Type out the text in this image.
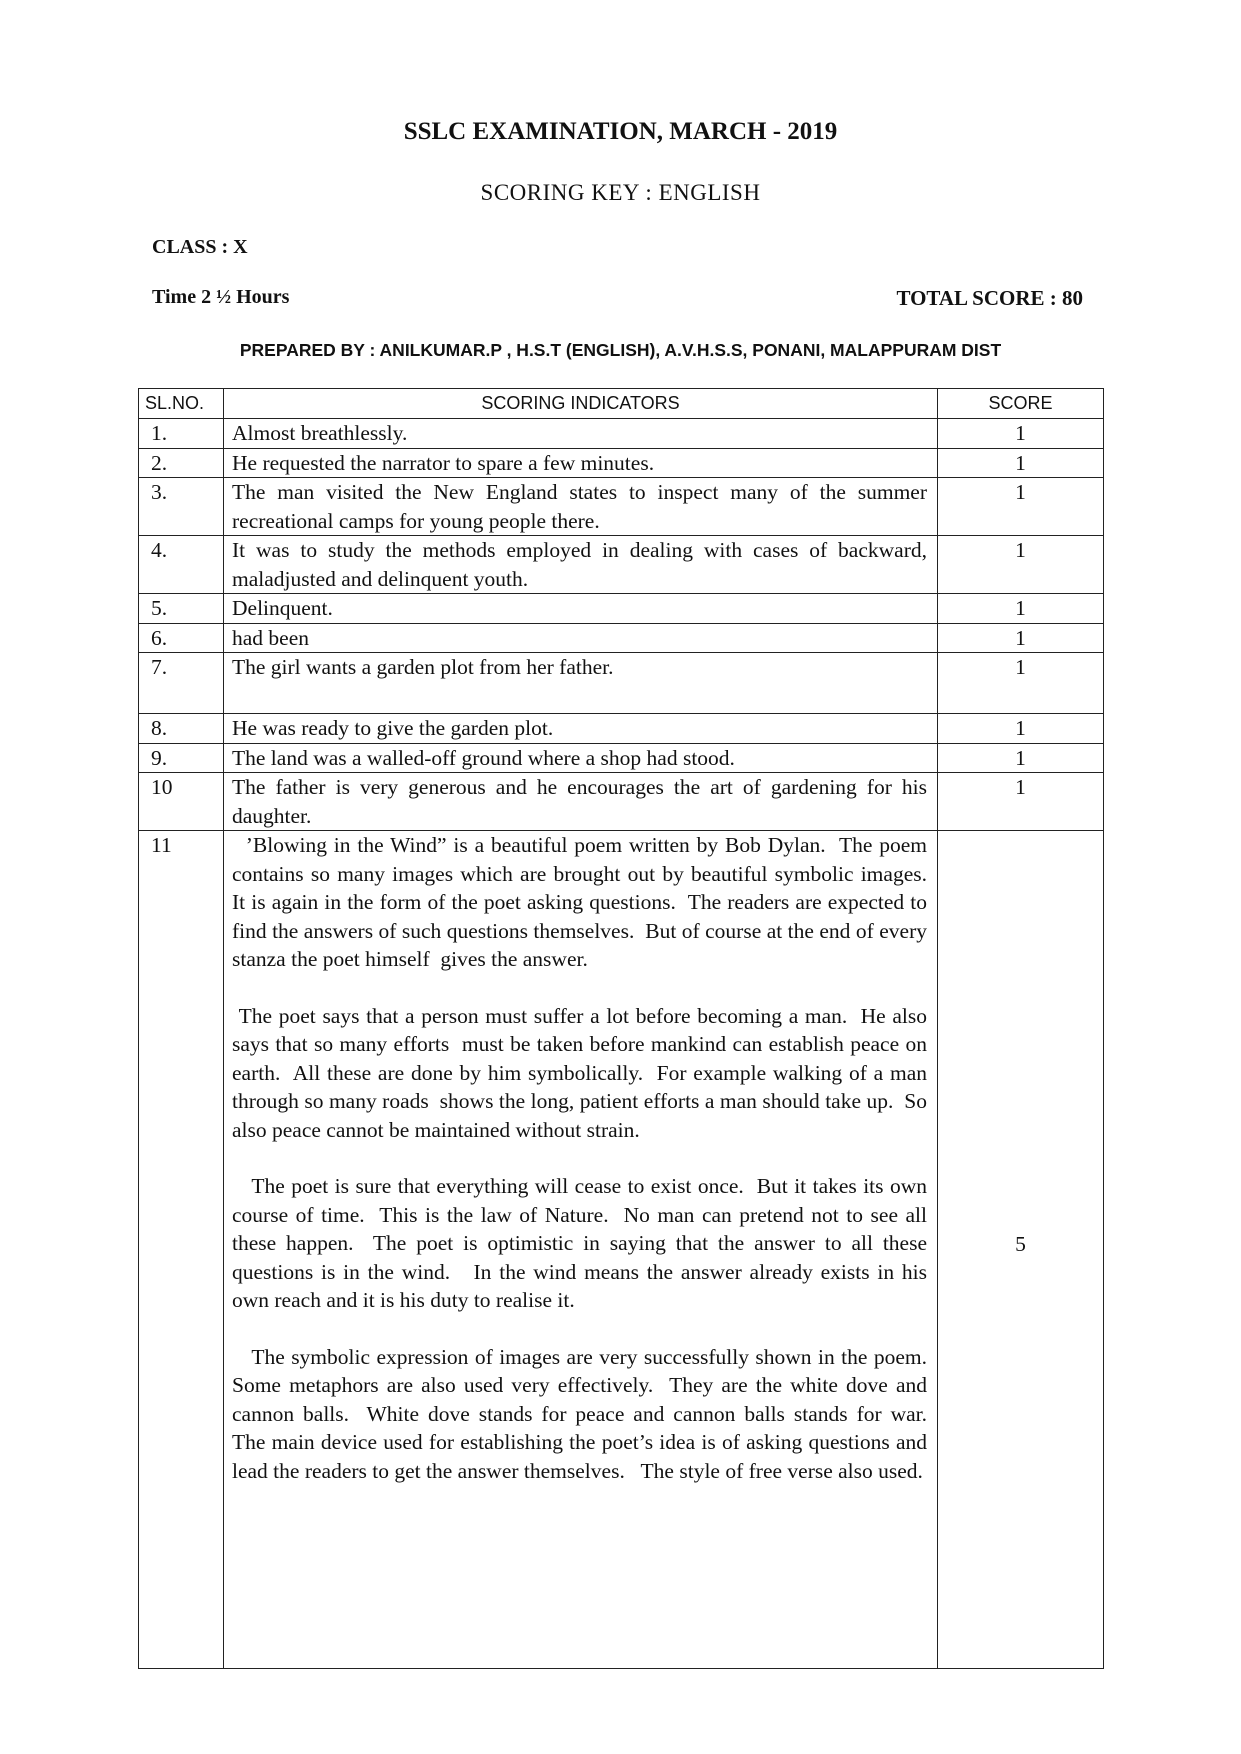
SSLC EXAMINATION, MARCH - 2019
SCORING KEY : ENGLISH
CLASS : X
Time 2 ½ Hours	TOTAL SCORE : 80
PREPARED BY : ANILKUMAR.P , H.S.T (ENGLISH), A.V.H.S.S, PONANI, MALAPPURAM DIST
SL.NO.	SCORING INDICATORS	SCORE
1.	Almost breathlessly.	1
2.	He requested the narrator to spare a few minutes.	1
3.	The man visited the New England states to inspect many of the summer recreational camps for young people there.	1
4.	It was to study the methods employed in dealing with cases of backward, maladjusted and delinquent youth.	1
5.	Delinquent.	1
6.	had been	1
7.	The girl wants a garden plot from her father.	1
8.	He was ready to give the garden plot.	1
9.	The land was a walled-off ground where a shop had stood.	1
10	The father is very generous and he encourages the art of gardening for his daughter.	1
11	’Blowing in the Wind” is a beautiful poem written by Bob Dylan.  The poem contains so many images which are brought out by beautiful symbolic images.  It is again in the form of the poet asking questions.  The readers are expected to find the answers of such questions themselves.  But of course at the end of every stanza the poet himself  gives the answer.
The poet says that a person must suffer a lot before becoming a man.  He also says that so many efforts  must be taken before mankind can establish peace on earth.  All these are done by him symbolically.  For example walking of a man through so many roads  shows the long, patient efforts a man should take up.  So also peace cannot be maintained without strain.
The poet is sure that everything will cease to exist once.  But it takes its own  course of time.  This is the law of Nature.  No man can pretend not to see all these happen.  The poet is optimistic in saying that the answer to all these questions is in the wind.   In the wind means the answer already exists in his own reach and it is his duty to realise it.
The symbolic expression of images are very successfully shown in the poem.  Some metaphors are also used very effectively.  They are the white dove and cannon balls.  White dove stands for peace and cannon balls stands for war.   The main device used for establishing the poet’s idea is of asking questions and lead the readers to get the answer themselves.   The style of free verse also used.	5
